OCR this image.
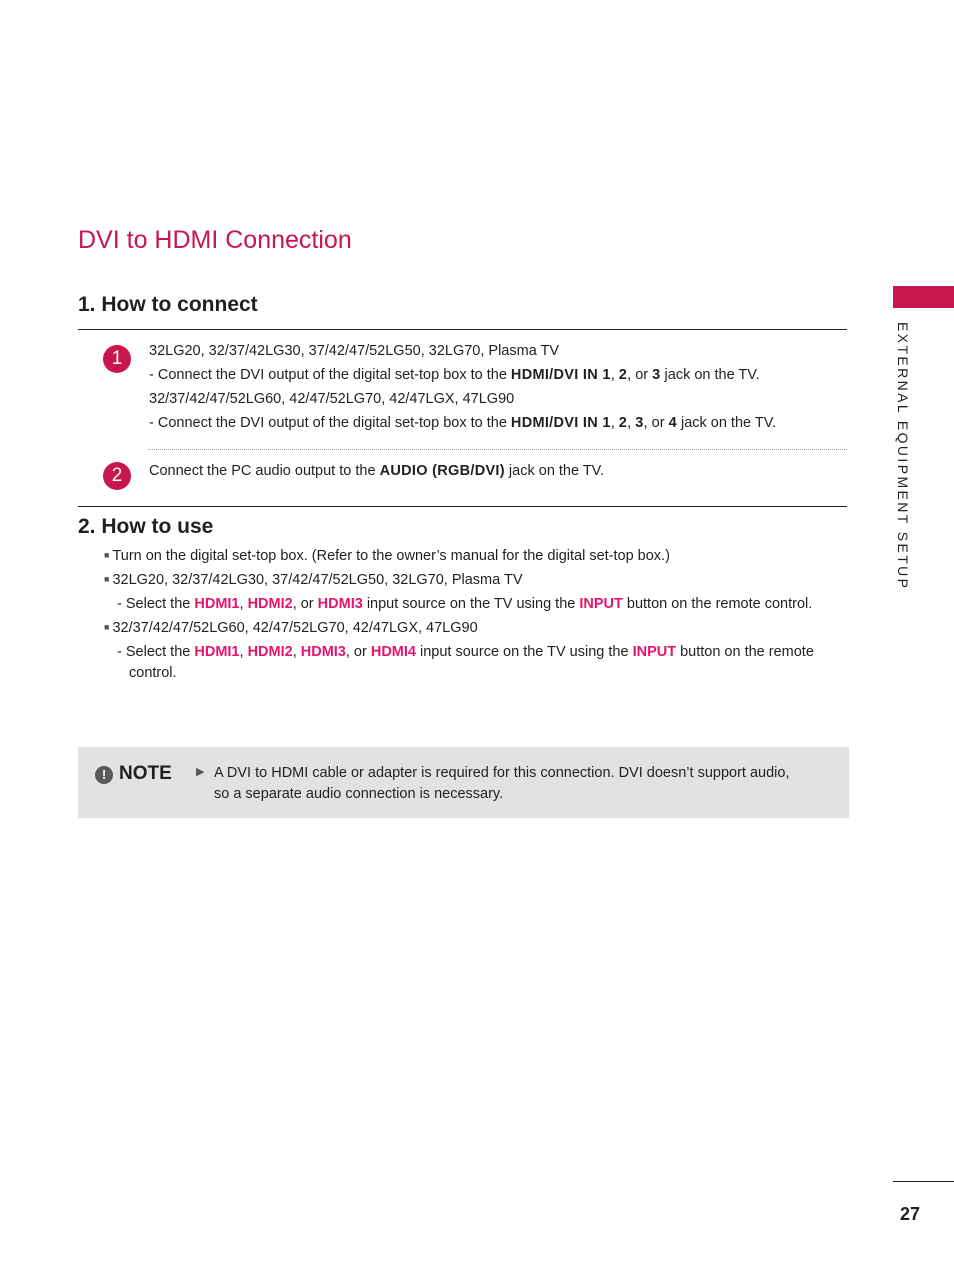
DVI to HDMI Connection
EXTERNAL EQUIPMENT SETUP
1. How to connect
1	32LG20, 32/37/42LG30, 37/42/47/52LG50, 32LG70, Plasma TV
- Connect the DVI output of the digital set-top box to the HDMI/DVI IN 1, 2, or 3 jack on the TV.
32/37/42/47/52LG60, 42/47/52LG70, 42/47LGX, 47LG90
- Connect the DVI output of the digital set-top box to the HDMI/DVI IN 1, 2, 3, or 4 jack on the TV.
2	Connect the PC audio output to the AUDIO (RGB/DVI) jack on the TV.
2. How to use
■ Turn on the digital set-top box. (Refer to the owner’s manual for the digital set-top box.)
■ 32LG20, 32/37/42LG30, 37/42/47/52LG50, 32LG70, Plasma TV
- Select the HDMI1, HDMI2, or HDMI3 input source on the TV using the INPUT button on the remote control.
■ 32/37/42/47/52LG60, 42/47/52LG70, 42/47LGX, 47LG90
- Select the HDMI1, HDMI2, HDMI3, or HDMI4 input source on the TV using the INPUT button on the remote
control.
! NOTE ▶ A DVI to HDMI cable or adapter is required for this connection. DVI doesn’t support audio,
so a separate audio connection is necessary.
27
